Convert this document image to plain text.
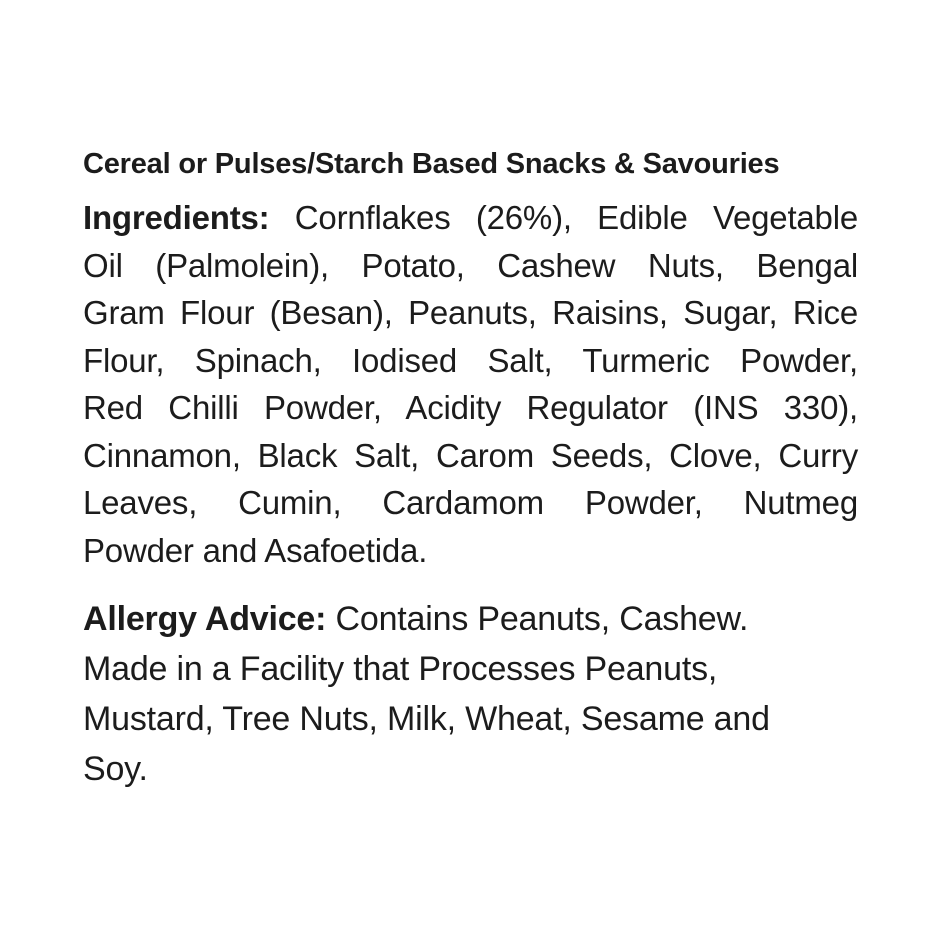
Cereal or Pulses/Starch Based Snacks & Savouries
Ingredients: Cornflakes (26%), Edible Vegetable
Oil (Palmolein), Potato, Cashew Nuts, Bengal
Gram Flour (Besan), Peanuts, Raisins, Sugar, Rice
Flour, Spinach, Iodised Salt, Turmeric Powder,
Red Chilli Powder, Acidity Regulator (INS 330),
Cinnamon, Black Salt, Carom Seeds, Clove, Curry
Leaves, Cumin, Cardamom Powder, Nutmeg
Powder and Asafoetida.
Allergy Advice: Contains Peanuts, Cashew.
Made in a Facility that Processes Peanuts,
Mustard, Tree Nuts, Milk, Wheat, Sesame and
Soy.
